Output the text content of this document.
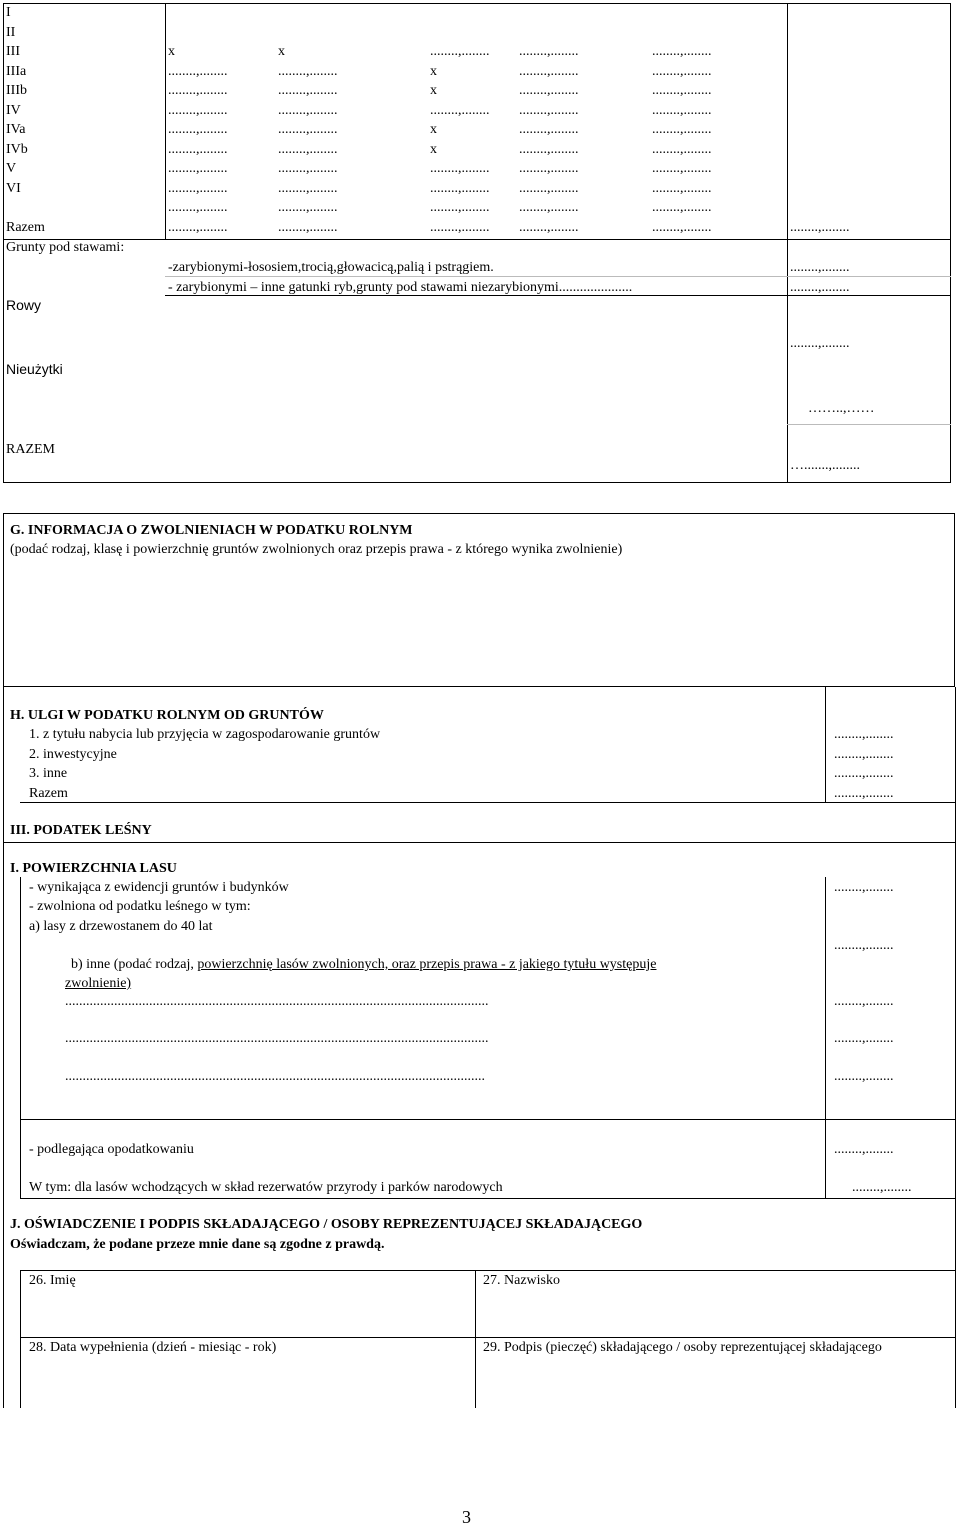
I
II
III	x	x	........,........ ........,........	........,........
IIIa	........,........	........,........	x	........,........	........,........
IIIb	........,........	........,........	x	........,........	........,........
IV	........,........	........,........	........,........ ........,........	........,........
IVa	........,........	........,........	x	........,........	........,........
IVb	........,........	........,........	x	........,........	........,........
V	........,........	........,........	........,........ ........,........	........,........
VI	........,........	........,........	........,........ ........,........	........,........
........,........	........,........	........,........ ........,........	........,........
Razem	........,........	........,........	........,........ ........,........	........,........	........,........
Grunty pod stawami:
-zarybionymi-łososiem,trocią,głowacicą,palią i pstrągiem.	........,........
- zarybionymi – inne gatunki ryb,grunty pod stawami niezarybionymi.....................	........,........
Rowy
........,........
Nieużytki
……..,……
RAZEM
….......,........
G. INFORMACJA O ZWOLNIENIACH W PODATKU ROLNYM
(podać rodzaj, klasę i powierzchnię gruntów zwolnionych oraz przepis prawa - z którego wynika zwolnienie)
H. ULGI W PODATKU ROLNYM OD GRUNTÓW
1. z tytułu nabycia lub przyjęcia w zagospodarowanie gruntów	........,........
2. inwestycyjne	........,........
3. inne	........,........
Razem	........,........
III. PODATEK LEŚNY
I. POWIERZCHNIA LASU
- wynikająca z ewidencji gruntów i budynków	........,........
- zwolniona od podatku leśnego w tym:
a) lasy z drzewostanem do 40 lat
........,........
b) inne (podać rodzaj, powierzchnię lasów zwolnionych, oraz przepis prawa - z jakiego tytułu występuje
zwolnienie)
.........................................................................................................................	........,........
.........................................................................................................................	........,........
........................................................................................................................	........,........
- podlegająca opodatkowaniu	........,........
W tym: dla lasów wchodzących w skład rezerwatów przyrody i parków narodowych	........,........
J. OŚWIADCZENIE I PODPIS SKŁADAJĄCEGO / OSOBY REPREZENTUJĄCEJ SKŁADAJĄCEGO
Oświadczam, że podane przeze mnie dane są zgodne z prawdą.
26. Imię	27. Nazwisko
28. Data wypełnienia (dzień - miesiąc - rok)	29. Podpis (pieczęć) składającego / osoby reprezentującej składającego
3
